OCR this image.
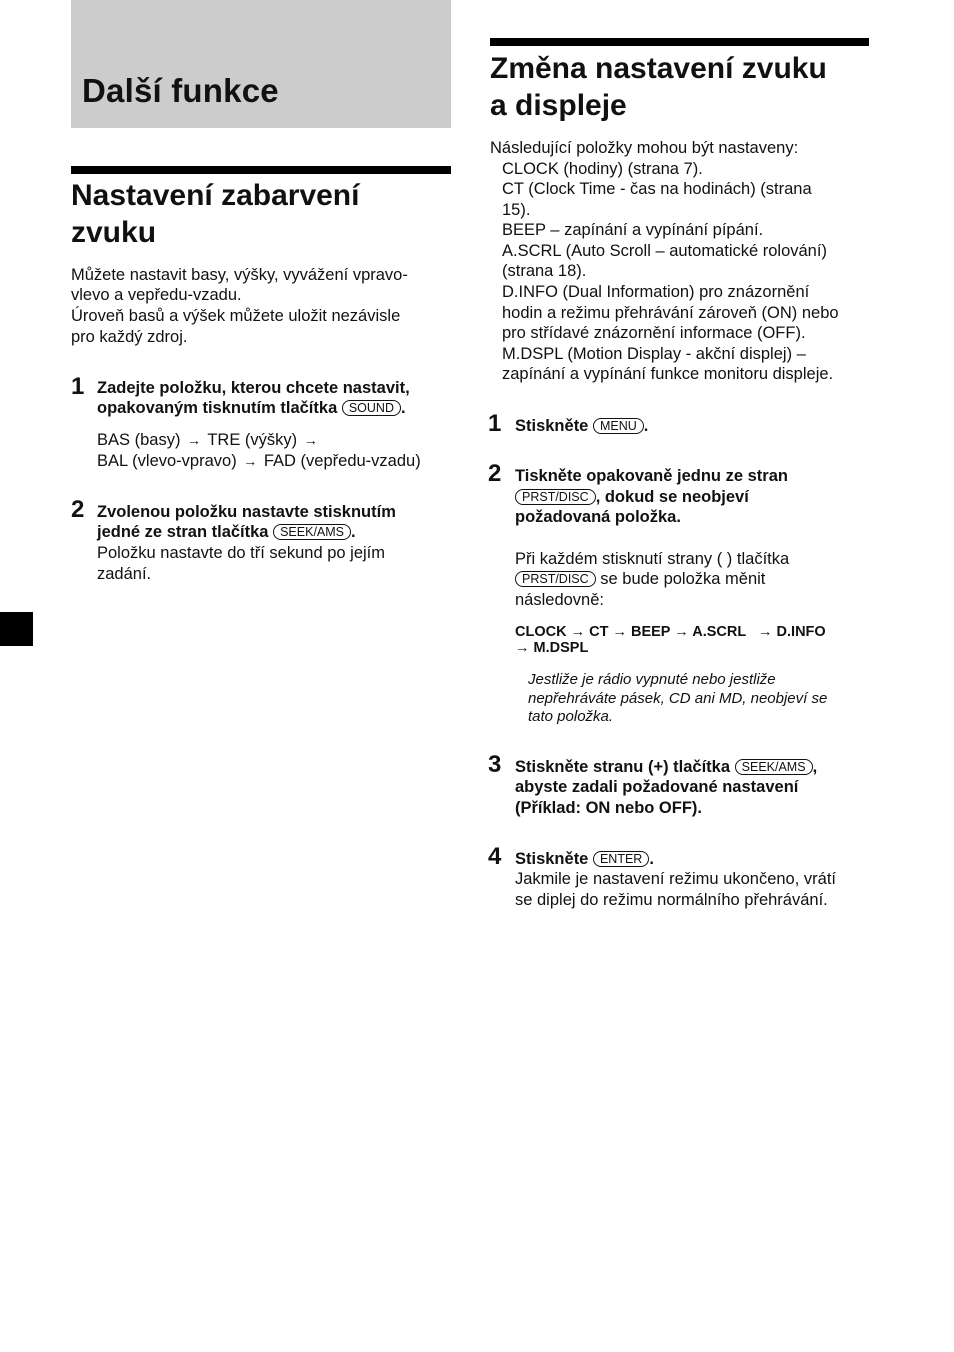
Další funkce
Nastavení zabarvení zvuku

Můžete nastavit basy, výšky, vyvážení vpravo-

vlevo a vepředu-vzadu.

Úroveň basů a výšek můžete uložit nezávisle

pro každý zdroj.

1 Zadejte položku, kterou chcete nastavit,

opakovaným tisknutím tlačítka SOUND .

BAS (basy) → TRE (výšky) →

BAL (vlevo-vpravo) → FAD (vepředu-vzadu)

2 Zvolenou položku nastavte stisknutím

jedné ze stran tlačítka SEEK/AMS .

Položku nastavte do tří sekund po jejím

zadání.

Změna nastavení zvuku
a displeje

Následující položky mohou být nastaveny:

CLOCK (hodiny) (strana 7).

CT (Clock Time - čas na hodinách) (strana

15).

BEEP – zapínání a vypínání pípání.

A.SCRL (Auto Scroll – automatické rolování)

(strana 18).

D.INFO (Dual Information) pro znázornění

hodin a režimu přehrávání zároveň (ON) nebo

pro střídavé znázornění informace (OFF).

M.DSPL (Motion Display - akční displej) –

zapínání a vypínání funkce monitoru displeje.

1 Stiskněte MENU .

2 Tiskněte opakovaně jednu ze stran

PRST/DISC , dokud se neobjeví

požadovaná položka.

Při každém stisknutí strany ( ) tlačítka

PRST/DISC se bude položka měnit

následovně:

CLOCK → CT → BEEP → A.SCRL   → D.INFO

→ M.DSPL

Jestliže je rádio vypnuté nebo jestliže

nepřehráváte pásek, CD ani MD, neobjeví se

tato položka.

3 Stiskněte stranu (+) tlačítka SEEK/AMS ,

abyste zadali požadované nastavení

(Příklad: ON nebo OFF).

4 Stiskněte ENTER .

Jakmile je nastavení režimu ukončeno, vrátí

se diplej do režimu normálního přehrávání.
